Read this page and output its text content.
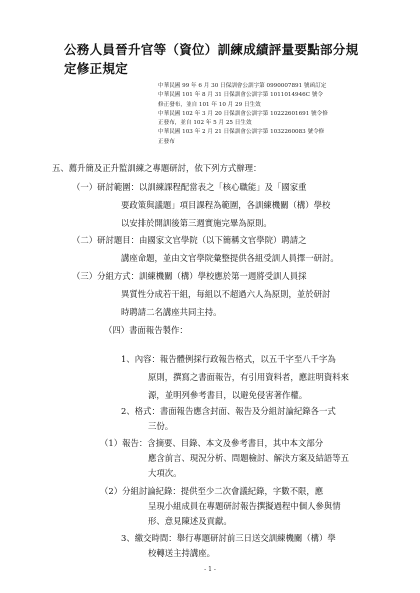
公務人員晉升官等（資位）訓練成績評量要點部分規
定修正規定
中華民國 99 年 6 月 30 日保訓會公訓字第 0990007891 號函訂定
中華民國 101 年 8 月 31 日保訓會公訓字第 1011014946C 號令
修正發布，並自 101 年 10 月 29 日生效
中華民國 102 年 3 月 20 日保訓會公訓字第 10222601691 號令修
正發布，並自 102 年 5 月 25 日生效
中華民國 103 年 2 月 21 日保訓會公訓字第 1032260083 號令修
正發布
五、薦升簡及正升監訓練之專題研討，依下列方式辦理：
（一）研討範圍：以訓練課程配當表之「核心職能」及「國家重
要政策與議題」項目課程為範圍，各訓練機關（構）學校
以安排於開訓後第三週實施完畢為原則。
（二）研討題目：由國家文官學院（以下簡稱文官學院）聘請之
講座命題，並由文官學院彙整提供各組受訓人員擇一研討。
（三）分組方式：訓練機關（構）學校應於第一週將受訓人員採
異質性分成若干組，每組以不超過六人為原則，並於研討
時聘請二名講座共同主持。
（四）書面報告製作：
1、內容：報告體例採行政報告格式，以五千字至八千字為
原則，撰寫之書面報告，有引用資料者，應註明資料來
源，並明列參考書目，以避免侵害著作權。
2、格式：書面報告應含封面、報告及分組討論紀錄各一式
三份。
（1）報告：含摘要、目錄、本文及參考書目，其中本文部分
應含前言、現況分析、問題檢討、解決方案及結語等五
大項次。
（2）分組討論紀錄：提供至少二次會議紀錄，字數不限，應
呈現小組成員在專題研討報告撰擬過程中個人參與情
形、意見陳述及貢獻。
- 1 -
3、繳交時間：舉行專題研討前三日送交訓練機關（構）學
校轉送主持講座。
